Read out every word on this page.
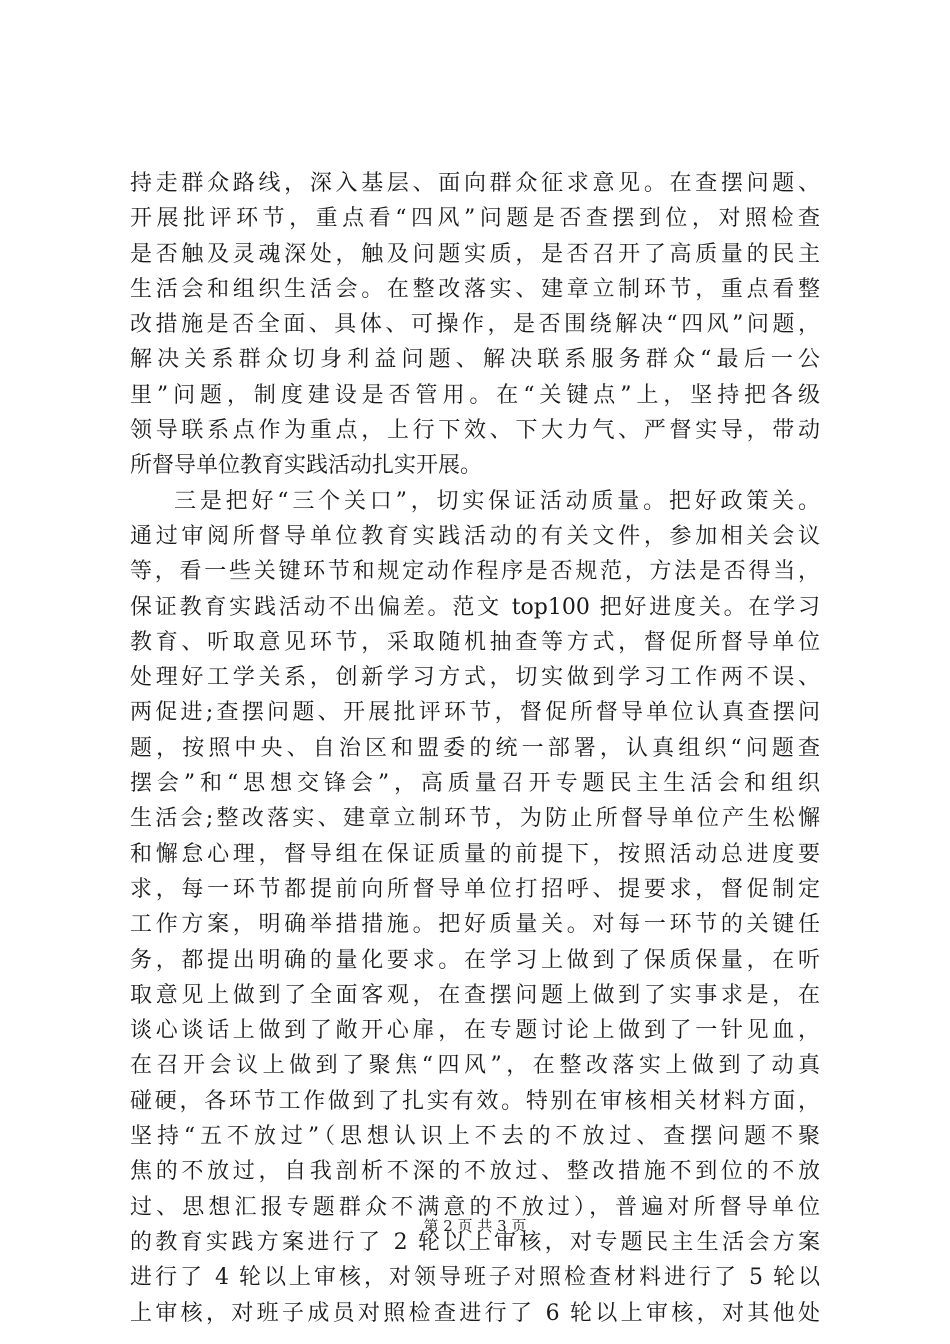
持走群众路线，深入基层、面向群众征求意见。在查摆问题、
开展批评环节，重点看“四风”问题是否查摆到位，对照检查
是否触及灵魂深处，触及问题实质，是否召开了高质量的民主
生活会和组织生活会。在整改落实、建章立制环节，重点看整
改措施是否全面、具体、可操作，是否围绕解决“四风”问题，
解决关系群众切身利益问题、解决联系服务群众“最后一公
里”问题，制度建设是否管用。在“关键点”上，坚持把各级
领导联系点作为重点，上行下效、下大力气、严督实导，带动
所督导单位教育实践活动扎实开展。
三是把好“三个关口”，切实保证活动质量。把好政策关。
通过审阅所督导单位教育实践活动的有关文件，参加相关会议
等，看一些关键环节和规定动作程序是否规范，方法是否得当，
保证教育实践活动不出偏差。范文 top100 把好进度关。在学习
教育、听取意见环节，采取随机抽查等方式，督促所督导单位
处理好工学关系，创新学习方式，切实做到学习工作两不误、
两促进;查摆问题、开展批评环节，督促所督导单位认真查摆问
题，按照中央、自治区和盟委的统一部署，认真组织“问题查
摆会”和“思想交锋会”，高质量召开专题民主生活会和组织
生活会;整改落实、建章立制环节，为防止所督导单位产生松懈
和懈怠心理，督导组在保证质量的前提下，按照活动总进度要
求，每一环节都提前向所督导单位打招呼、提要求，督促制定
工作方案，明确举措措施。把好质量关。对每一环节的关键任
务，都提出明确的量化要求。在学习上做到了保质保量，在听
取意见上做到了全面客观，在查摆问题上做到了实事求是，在
谈心谈话上做到了敞开心扉，在专题讨论上做到了一针见血，
在召开会议上做到了聚焦“四风”，在整改落实上做到了动真
碰硬，各环节工作做到了扎实有效。特别在审核相关材料方面，
坚持“五不放过”（思想认识上不去的不放过、查摆问题不聚
焦的不放过，自我剖析不深的不放过、整改措施不到位的不放
过、思想汇报专题群众不满意的不放过），普遍对所督导单位
的教育实践方案进行了 2 轮以上审核，对专题民主生活会方案
进行了 4 轮以上审核，对领导班子对照检查材料进行了 5 轮以
上审核，对班子成员对照检查进行了 6 轮以上审核，对其他处
第 2 页 共 3 页
